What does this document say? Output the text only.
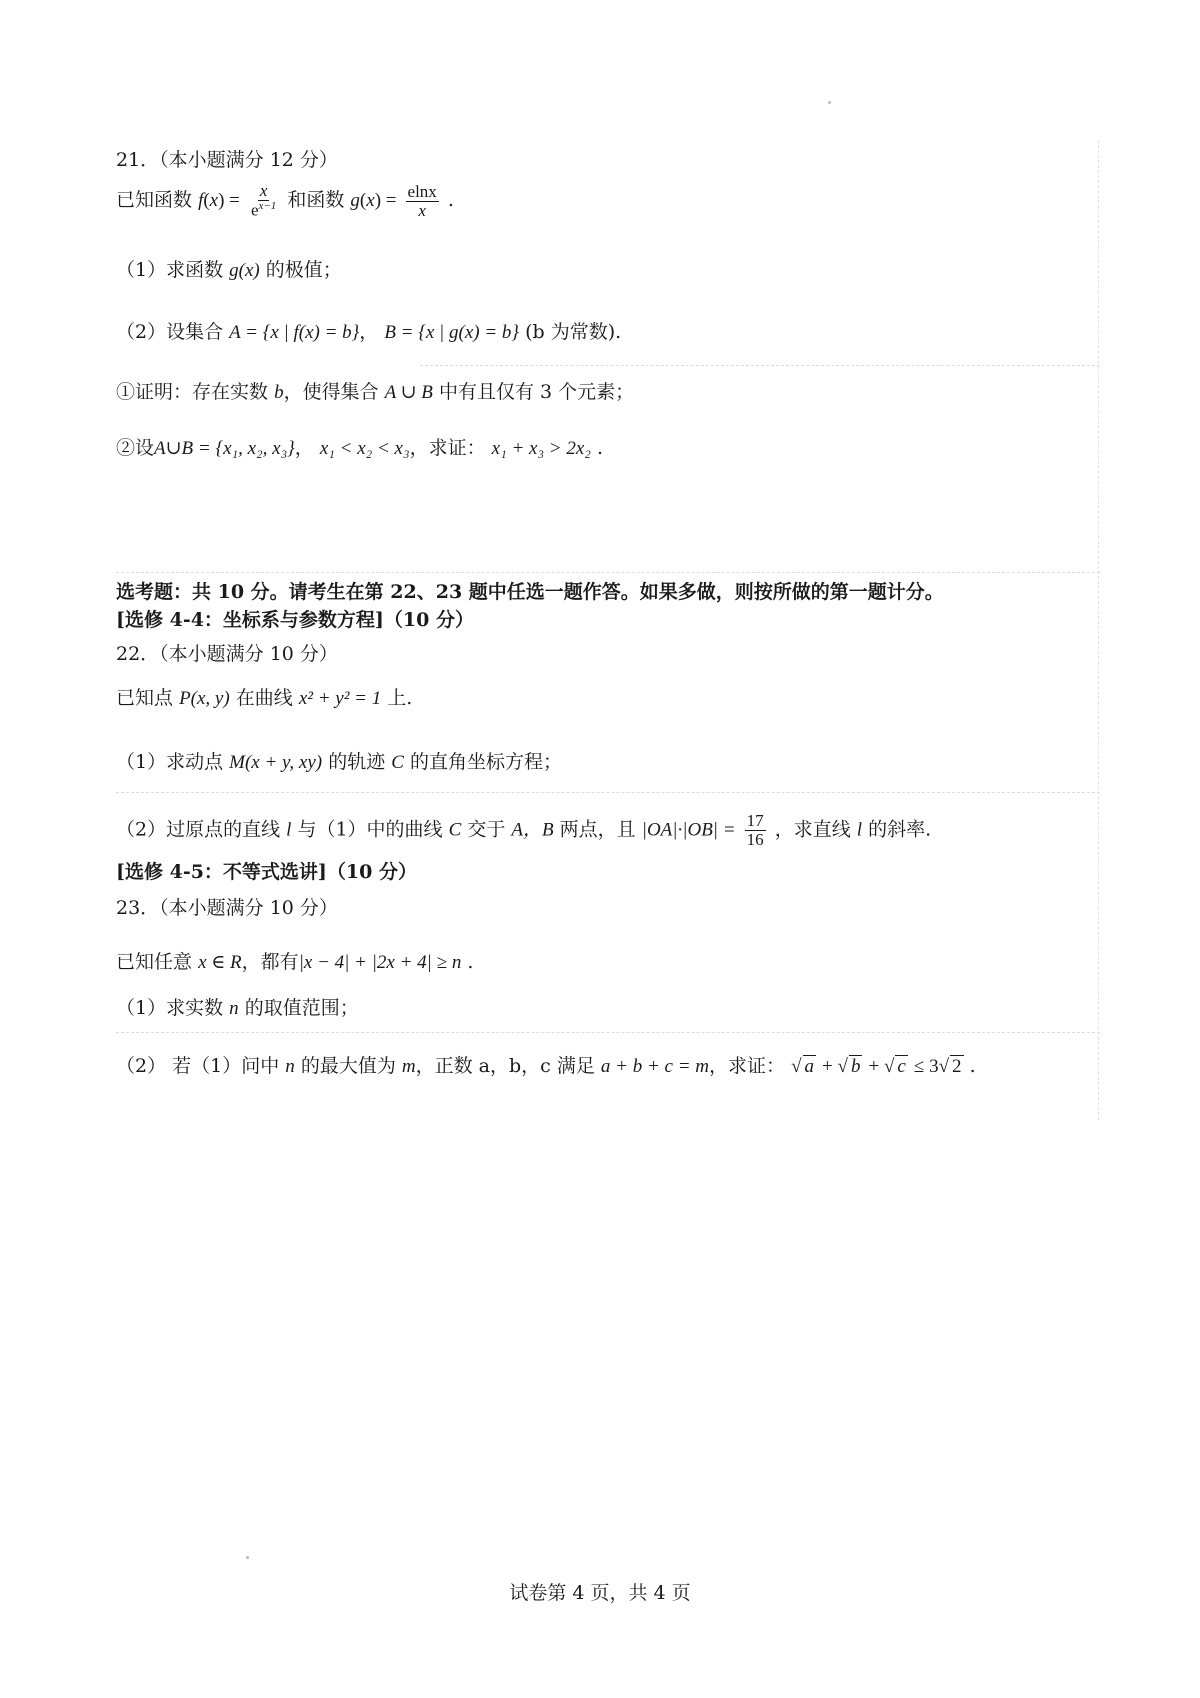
21．（本小题满分 12 分）
已知函数 $f(x) = \frac{x}{e^{x-1}}$ 和函数 $g(x) = \frac{elnx}{x}$ .
（1）求函数 g(x) 的极值；
（2）设集合 A = {x | f(x) = b}， B = {x | g(x) = b} (b 为常数).
①证明：存在实数 b，使得集合 A ∪ B 中有且仅有 3 个元素；
②设A∪B = {x₁, x₂, x₃}， x₁ < x₂ < x₃，求证： x₁ + x₃ > 2x₂ .
选考题：共 10 分。请考生在第 22、23 题中任选一题作答。如果多做，则按所做的第一题计分。
[选修 4-4：坐标系与参数方程]（10 分）
22．（本小题满分 10 分）
已知点 P(x, y) 在曲线 x² + y² = 1 上.
（1）求动点 M(x + y, xy) 的轨迹 C 的直角坐标方程；
（2）过原点的直线 l 与（1）中的曲线 C 交于 A，B 两点，且 $|OA|\cdot|OB| = \frac{17}{16}$ ，求直线 l 的斜率.
[选修 4-5：不等式选讲]（10 分）
23．（本小题满分 10 分）
已知任意 x ∈ R，都有|x − 4| + |2x + 4| ≥ n .
（1）求实数 n 的取值范围；
（2） 若（1）问中 n 的最大值为 m，正数 a，b，c 满足 a + b + c = m，求证： √ a + √ b + √ c ≤ 3√ 2 .
试卷第 4 页，共 4 页
